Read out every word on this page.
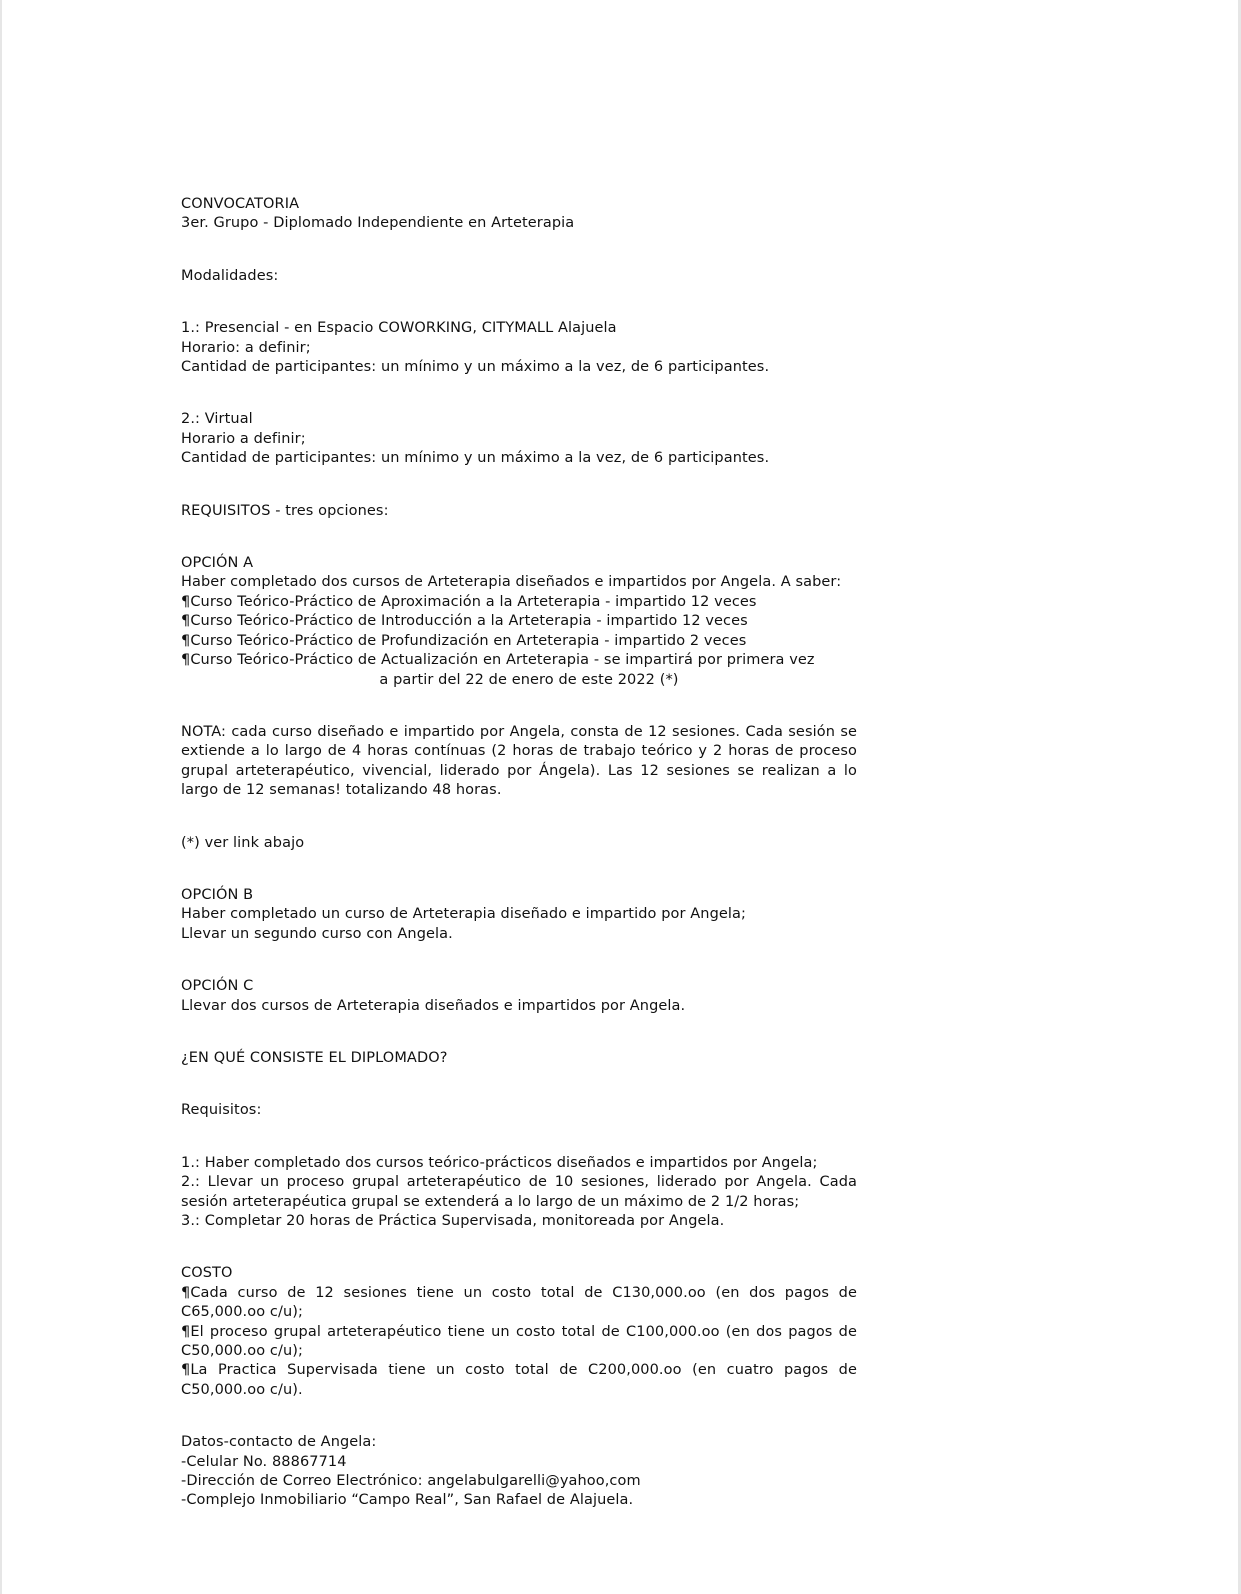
CONVOCATORIA
3er. Grupo - Diplomado Independiente en Arteterapia
Modalidades:
1.: Presencial - en Espacio COWORKING, CITYMALL Alajuela
Horario: a definir;
Cantidad de participantes: un mínimo y un máximo a la vez, de 6 participantes.
2.: Virtual
Horario a definir;
Cantidad de participantes: un mínimo y un máximo a la vez, de 6 participantes.
REQUISITOS - tres opciones:
OPCIÓN A
Haber completado dos cursos de Arteterapia diseñados e impartidos por Angela. A saber:
¶Curso Teórico-Práctico de Aproximación a la Arteterapia - impartido 12 veces
¶Curso Teórico-Práctico de Introducción a la Arteterapia - impartido 12 veces
¶Curso Teórico-Práctico de Profundización en Arteterapia - impartido 2 veces
¶Curso Teórico-Práctico de Actualización en Arteterapia - se impartirá por primera vez
a partir del 22 de enero de este 2022 (*)

NOTA: cada curso diseñado e impartido por Angela, consta de 12 sesiones. Cada sesión se extiende a lo largo de 4 horas contínuas (2 horas de trabajo teórico y 2 horas de proceso grupal arteterapéutico, vivencial, liderado por Ángela). Las 12 sesiones se realizan a lo largo de 12 semanas! totalizando 48 horas.

(*) ver link abajo
OPCIÓN B
Haber completado un curso de Arteterapia diseñado e impartido por Angela;
Llevar un segundo curso con Angela.
OPCIÓN C
Llevar dos cursos de Arteterapia diseñados e impartidos por Angela.
¿EN QUÉ CONSISTE EL DIPLOMADO?
Requisitos:
1.: Haber completado dos cursos teórico-prácticos diseñados e impartidos por Angela;

2.: Llevar un proceso grupal arteterapéutico de 10 sesiones, liderado por Angela. Cada sesión arteterapéutica grupal se extenderá a lo largo de un máximo de 2 1/2 horas;

3.: Completar 20 horas de Práctica Supervisada, monitoreada por Angela.
COSTO

¶Cada curso de 12 sesiones tiene un costo total de C130,000.oo (en dos pagos de C65,000.oo c/u);

¶El proceso grupal arteterapéutico tiene un costo total de C100,000.oo (en dos pagos de C50,000.oo c/u);

¶La Practica Supervisada tiene un costo total de C200,000.oo (en cuatro pagos de C50,000.oo c/u).

Datos-contacto de Angela:
-Celular No. 88867714
-Dirección de Correo Electrónico: angelabulgarelli@yahoo,com
-Complejo Inmobiliario “Campo Real”, San Rafael de Alajuela.
